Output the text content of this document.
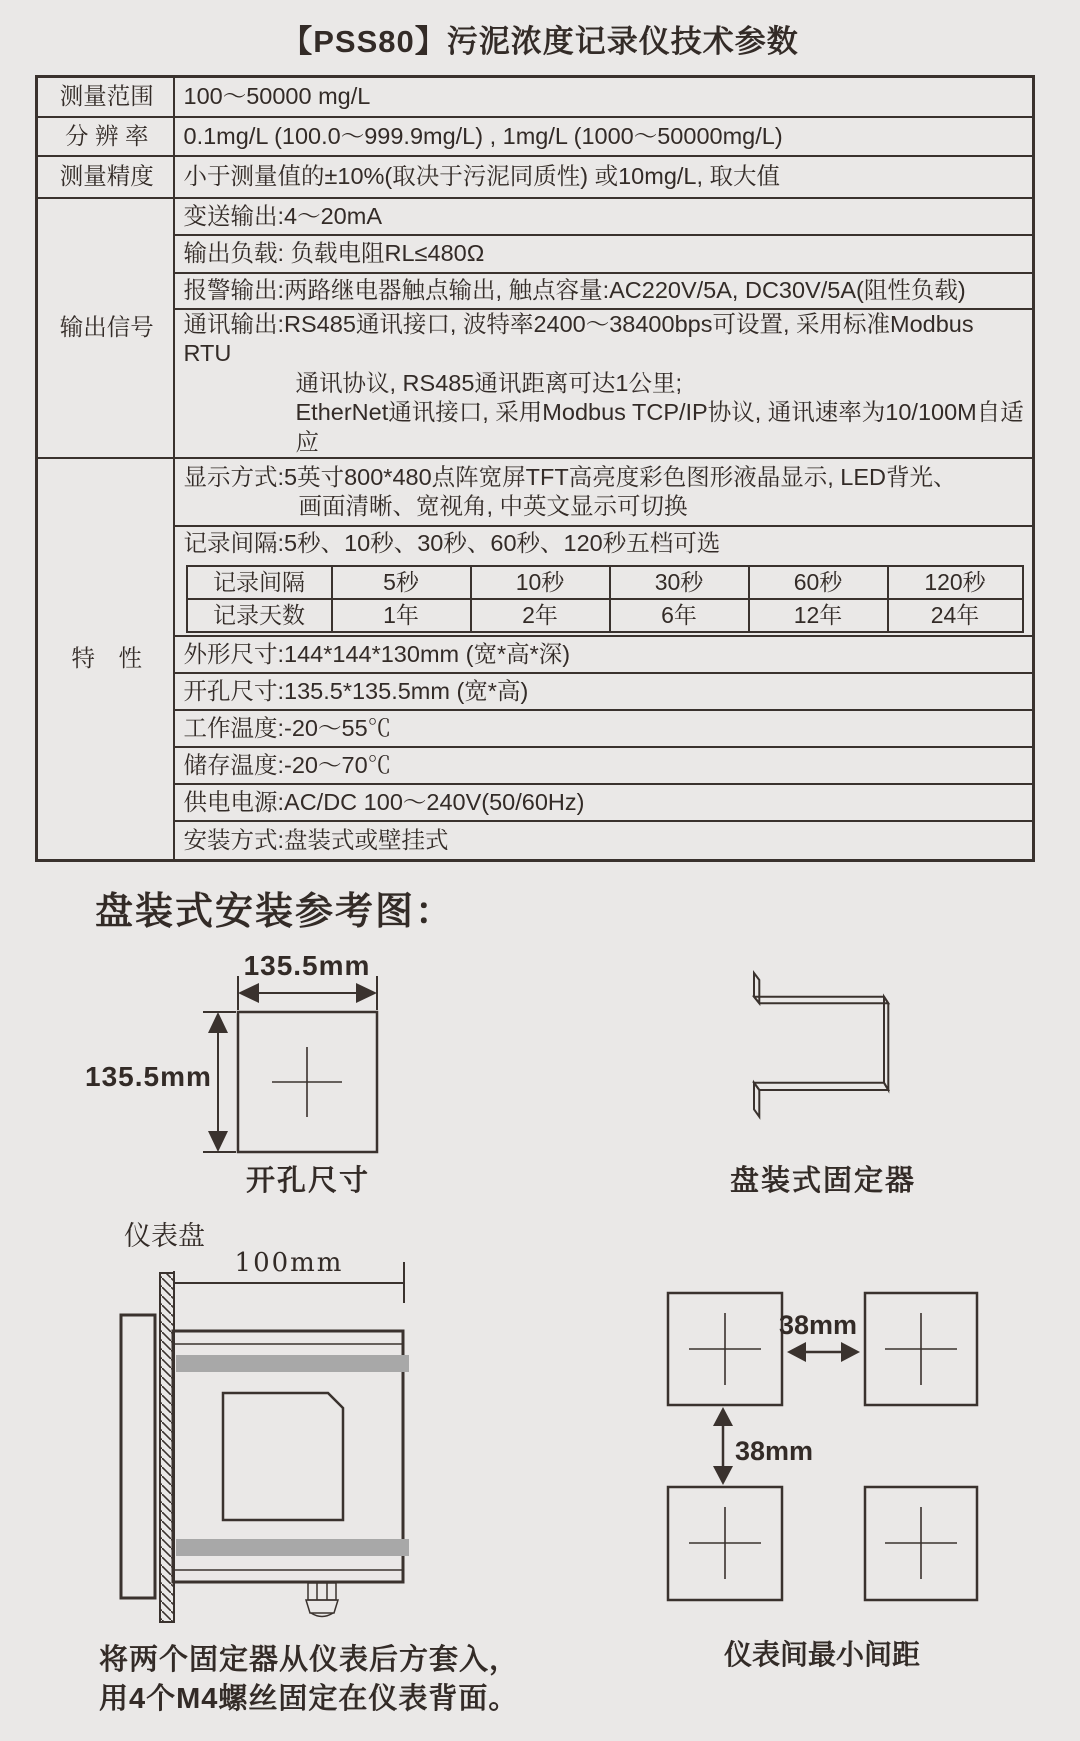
【PSS80】污泥浓度记录仪技术参数
测量范围	100～50000 mg/L
分 辨 率	0.1mg/L (100.0～999.9mg/L) , 1mg/L (1000～50000mg/L)
测量精度	小于测量值的±10%(取决于污泥同质性) 或10mg/L, 取大值
输出信号	变送输出:4～20mA
输出负载: 负载电阻RL≤480Ω
报警输出:两路继电器触点输出, 触点容量:AC220V/5A, DC30V/5A(阻性负载)

通讯输出:RS485通讯接口, 波特率2400～38400bps可设置, 采用标准Modbus RTU
通讯协议, RS485通讯距离可达1公里;
EtherNet通讯接口, 采用Modbus TCP/IP协议, 通讯速率为10/100M自适应

特　性	
显示方式:5英寸800*480点阵宽屏TFT高亮度彩色图形液晶显示, LED背光、
画面清晰、宽视角, 中英文显示可切换

记录间隔:5秒、10秒、30秒、60秒、120秒五档可选
记录间隔	5秒	10秒	30秒	60秒	120秒
记录天数	1年	2年	6年	12年	24年

外形尺寸:144*144*130mm (宽*高*深)
开孔尺寸:135.5*135.5mm (宽*高)
工作温度:-20～55℃
储存温度:-20～70℃
供电电源:AC/DC 100～240V(50/60Hz)
安装方式:盘装式或壁挂式
盘装式安装参考图：
135.5mm
135.5mm
开孔尺寸	盘装式固定器
仪表盘
100mm
38mm
38mm
仪表间最小间距
将两个固定器从仪表后方套入，
用4个M4螺丝固定在仪表背面。
